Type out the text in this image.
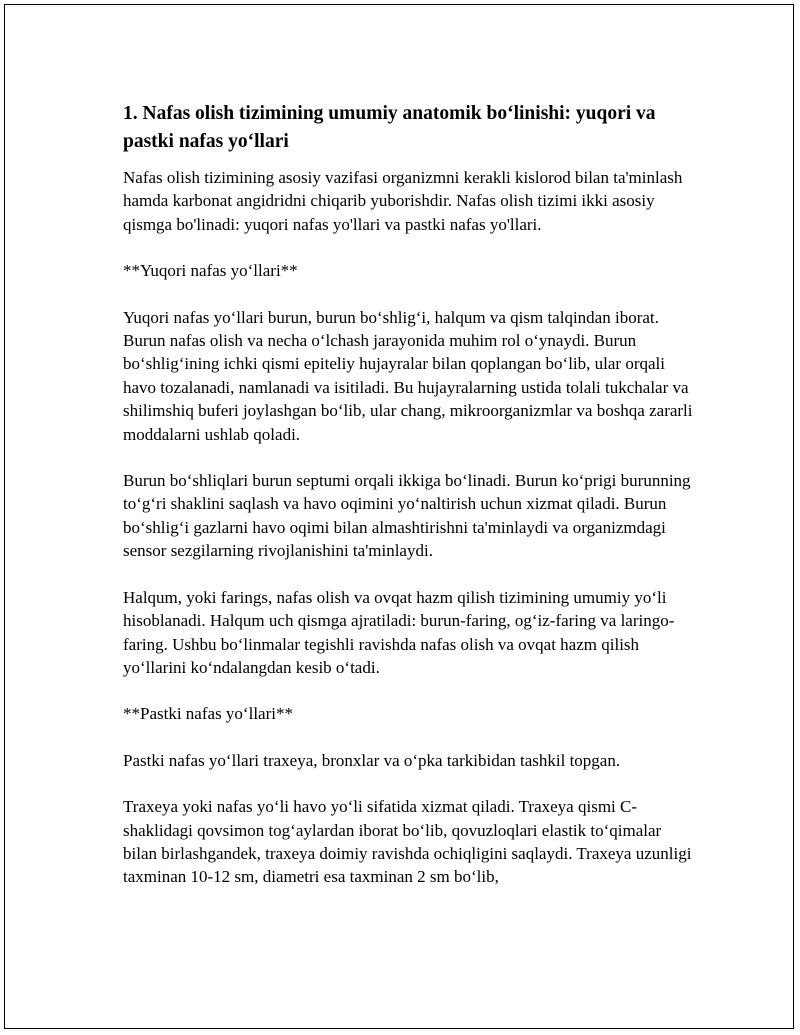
1. Nafas olish tizimining umumiy anatomik bo‘linishi: yuqori va pastki nafas yo‘llari

Nafas olish tizimining asosiy vazifasi organizmni kerakli kislorod bilan ta'minlash hamda karbonat angidridni chiqarib yuborishdir. Nafas olish tizimi ikki asosiy qismga bo'linadi: yuqori nafas yo'llari va pastki nafas yo'llari.

**Yuqori nafas yo‘llari**

Yuqori nafas yo‘llari burun, burun bo‘shlig‘i, halqum va qism talqindan iborat. Burun nafas olish va necha o‘lchash jarayonida muhim rol o‘ynaydi. Burun bo‘shlig‘ining ichki qismi epiteliy hujayralar bilan qoplangan bo‘lib, ular orqali havo tozalanadi, namlanadi va isitiladi. Bu hujayralarning ustida tolali tukchalar va shilimshiq buferi joylashgan bo‘lib, ular chang, mikroorganizmlar va boshqa zararli moddalarni ushlab qoladi.

Burun bo‘shliqlari burun septumi orqali ikkiga bo‘linadi. Burun ko‘prigi burunning to‘g‘ri shaklini saqlash va havo oqimini yo‘naltirish uchun xizmat qiladi. Burun bo‘shlig‘i gazlarni havo oqimi bilan almashtirishni ta'minlaydi va organizmdagi sensor sezgilarning rivojlanishini ta'minlaydi.

Halqum, yoki farings, nafas olish va ovqat hazm qilish tizimining umumiy yo‘li hisoblanadi. Halqum uch qismga ajratiladi: burun-faring, og‘iz-faring va laringo-faring. Ushbu bo‘linmalar tegishli ravishda nafas olish va ovqat hazm qilish yo‘llarini ko‘ndalangdan kesib o‘tadi.

**Pastki nafas yo‘llari**

Pastki nafas yo‘llari traxeya, bronxlar va o‘pka tarkibidan tashkil topgan.

Traxeya yoki nafas yo‘li havo yo‘li sifatida xizmat qiladi. Traxeya qismi C-shaklidagi qovsimon tog‘aylardan iborat bo‘lib, qovuzloqlari elastik to‘qimalar bilan birlashgandek, traxeya doimiy ravishda ochiqligini saqlaydi. Traxeya uzunligi taxminan 10-12 sm, diametri esa taxminan 2 sm bo‘lib,
